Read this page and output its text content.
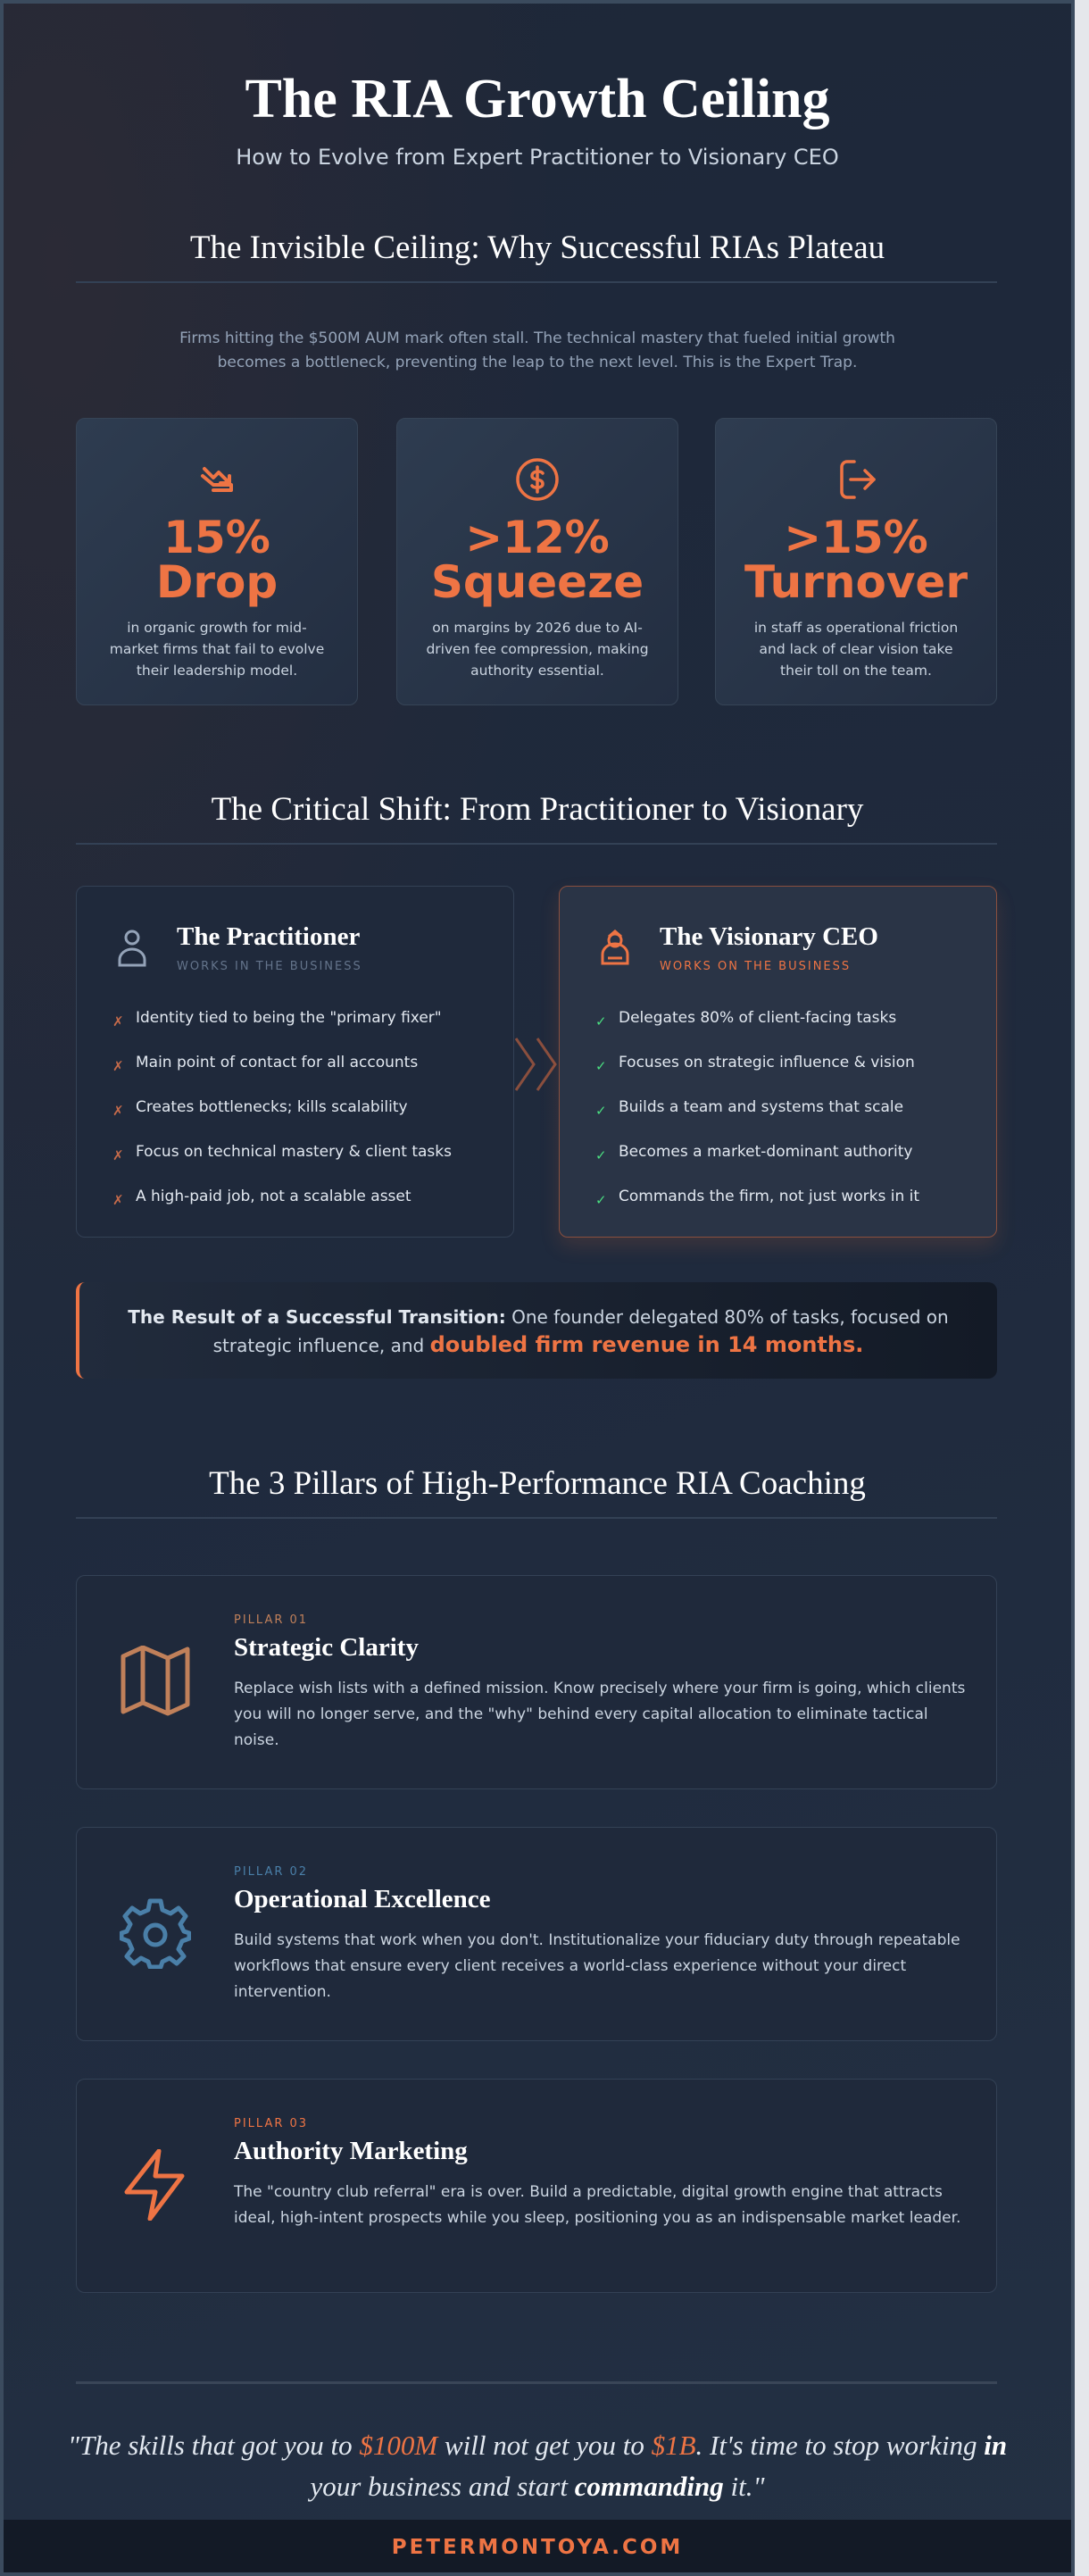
The RIA Growth Ceiling
How to Evolve from Expert Practitioner to Visionary CEO
The Invisible Ceiling: Why Successful RIAs Plateau
Firms hitting the $500M AUM mark often stall. The technical mastery that fueled initial growth becomes a bottleneck, preventing the leap to the next level. This is the Expert Trap.
15%
Drop
in organic growth for mid-market firms that fail to evolve their leadership model.
>12%
Squeeze
on margins by 2026 due to AI-driven fee compression, making authority essential.
>15%
Turnover
in staff as operational friction and lack of clear vision take their toll on the team.
The Critical Shift: From Practitioner to Visionary
The Practitioner
WORKS IN THE BUSINESS
✗ Identity tied to being the "primary fixer"
✗ Main point of contact for all accounts
✗ Creates bottlenecks; kills scalability
✗ Focus on technical mastery & client tasks
✗ A high-paid job, not a scalable asset
The Visionary CEO
WORKS ON THE BUSINESS
✓ Delegates 80% of client-facing tasks
✓ Focuses on strategic influence & vision
✓ Builds a team and systems that scale
✓ Becomes a market-dominant authority
✓ Commands the firm, not just works in it
The Result of a Successful Transition: One founder delegated 80% of tasks, focused on strategic influence, and doubled firm revenue in 14 months.
The 3 Pillars of High-Performance RIA Coaching
PILLAR 01
Strategic Clarity
Replace wish lists with a defined mission. Know precisely where your firm is going, which clients you will no longer serve, and the "why" behind every capital allocation to eliminate tactical noise.
PILLAR 02
Operational Excellence
Build systems that work when you don't. Institutionalize your fiduciary duty through repeatable workflows that ensure every client receives a world-class experience without your direct intervention.
PILLAR 03
Authority Marketing
The "country club referral" era is over. Build a predictable, digital growth engine that attracts ideal, high-intent prospects while you sleep, positioning you as an indispensable market leader.
"The skills that got you to $100M will not get you to $1B. It's time to stop working in your business and start commanding it."
PETERMONTOYA.COM
